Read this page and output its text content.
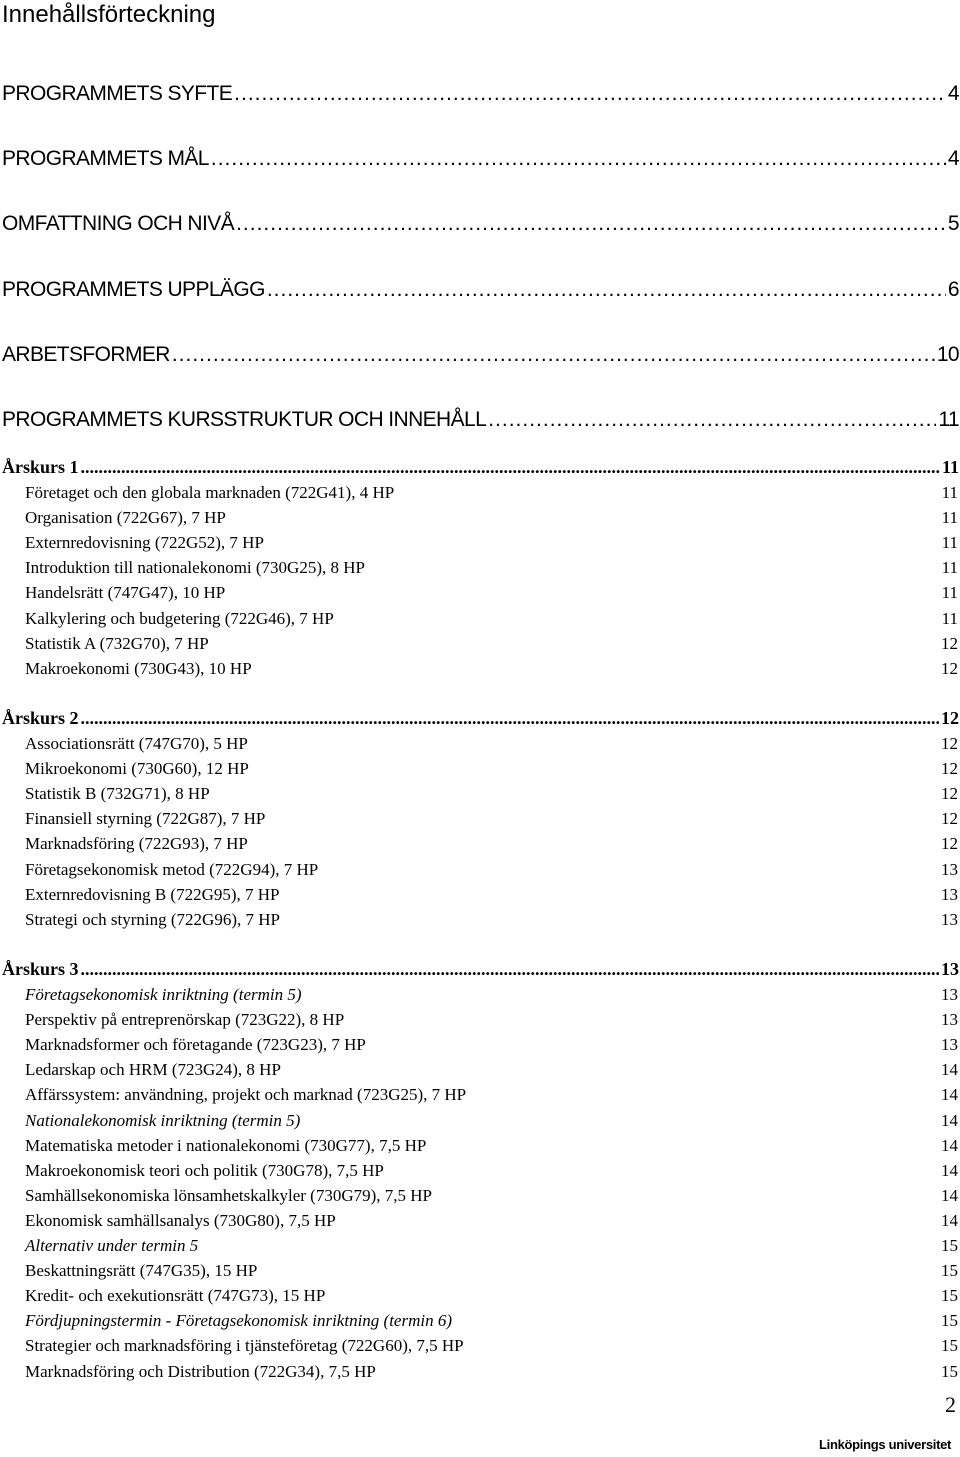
Innehållsförteckning
PROGRAMMETS SYFTE .....	4
PROGRAMMETS MÅL .....	4
OMFATTNING OCH NIVÅ .....	5
PROGRAMMETS UPPLÄGG .....	6
ARBETSFORMER .....	10
PROGRAMMETS KURSSTRUKTUR OCH INNEHÅLL .....	11
Årskurs 1 .....	11
Företaget och den globala marknaden (722G41), 4 HP	11
Organisation (722G67), 7 HP	11
Externredovisning (722G52), 7 HP	11
Introduktion till nationalekonomi (730G25), 8 HP	11
Handelsrätt (747G47), 10 HP	11
Kalkylering och budgetering (722G46), 7 HP	11
Statistik A (732G70), 7 HP	12
Makroekonomi (730G43), 10 HP	12
Årskurs 2 .....	12
Associationsrätt (747G70), 5 HP	12
Mikroekonomi (730G60), 12 HP	12
Statistik B (732G71), 8 HP	12
Finansiell styrning (722G87), 7 HP	12
Marknadsföring (722G93), 7 HP	12
Företagsekonomisk metod (722G94), 7 HP	13
Externredovisning B (722G95), 7 HP	13
Strategi och styrning (722G96), 7 HP	13
Årskurs 3 .....	13
Företagsekonomisk inriktning (termin 5)	13
Perspektiv på entreprenörskap (723G22), 8 HP	13
Marknadsformer och företagande (723G23), 7 HP	13
Ledarskap och HRM (723G24), 8 HP	14
Affärssystem: användning, projekt och marknad (723G25), 7 HP	14
Nationalekonomisk inriktning (termin 5)	14
Matematiska metoder i nationalekonomi (730G77), 7,5 HP	14
Makroekonomisk teori och politik (730G78), 7,5 HP	14
Samhällsekonomiska lönsamhetskalkyler (730G79), 7,5 HP	14
Ekonomisk samhällsanalys (730G80), 7,5 HP	14
Alternativ under termin 5	15
Beskattningsrätt (747G35), 15 HP	15
Kredit- och exekutionsrätt (747G73), 15 HP	15
Fördjupningstermin - Företagsekonomisk inriktning (termin 6)	15
Strategier och marknadsföring i tjänsteföretag (722G60), 7,5 HP	15
Marknadsföring och Distribution (722G34), 7,5 HP	15
2
Linköpings universitet
